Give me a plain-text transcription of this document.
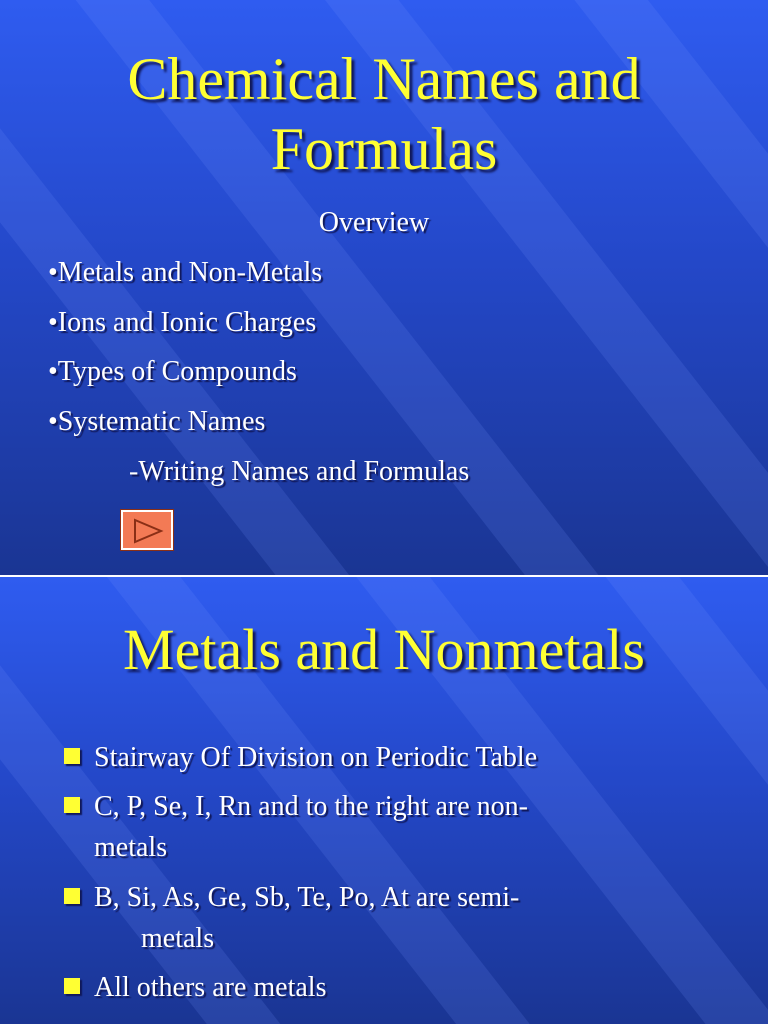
Chemical Names and
Formulas
Overview
•Metals and Non-Metals
•Ions and Ionic Charges
•Types of Compounds
•Systematic Names
-Writing Names and Formulas
Metals and Nonmetals
Stairway Of Division on Periodic Table
C, P, Se, I, Rn and to the right are non-
metals
B, Si, As, Ge, Sb, Te, Po, At are semi-
metals
All others are metals
